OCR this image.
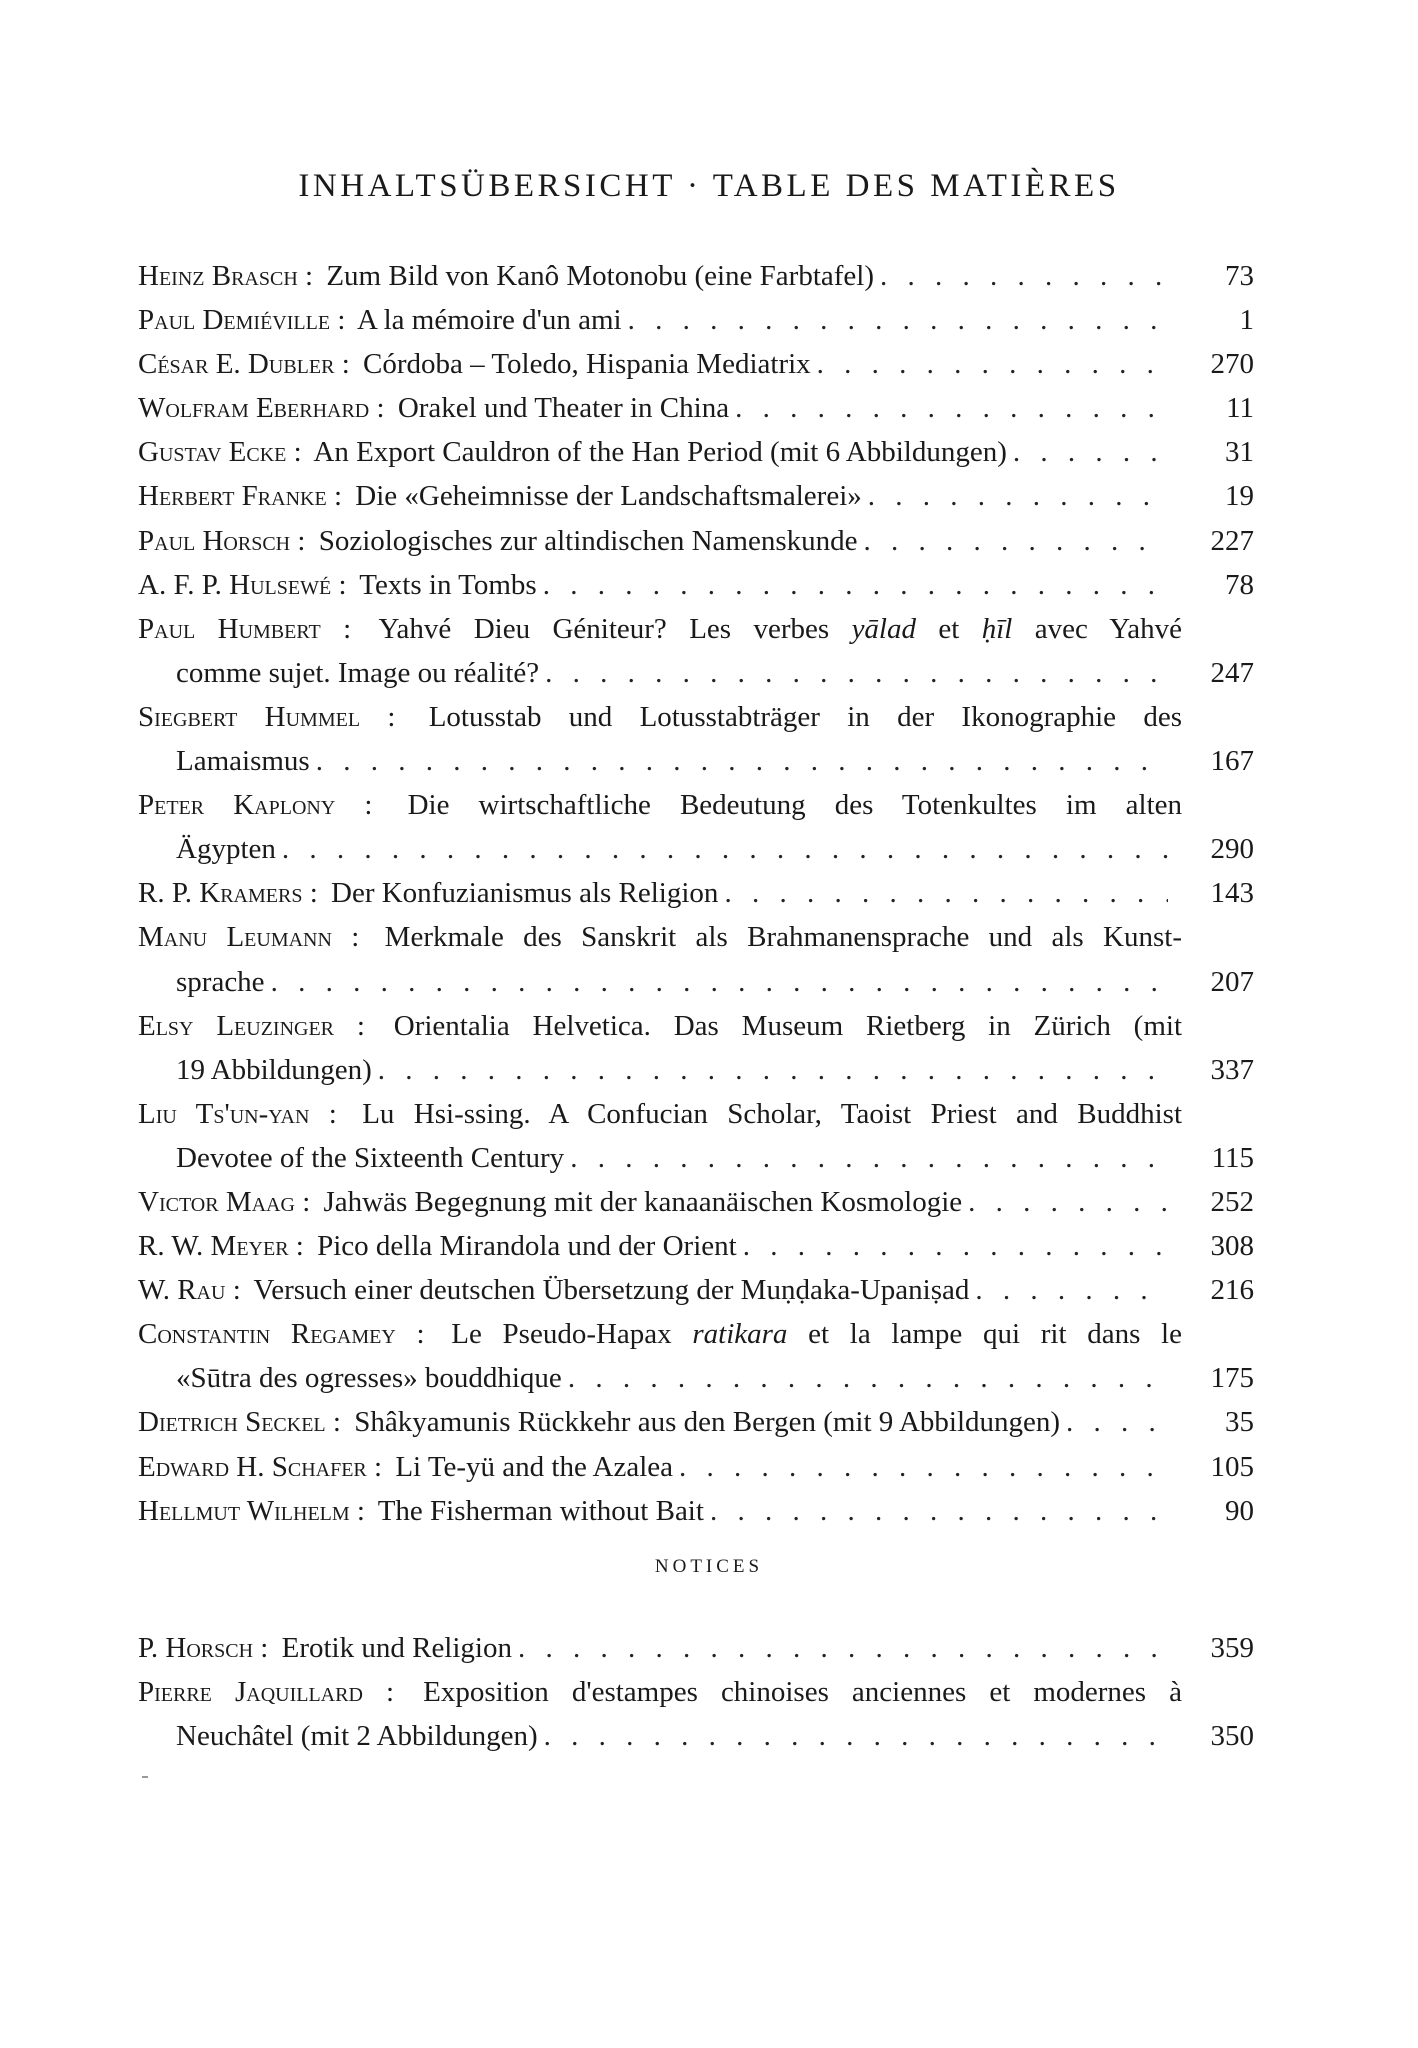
INHALTSÜBERSICHT · TABLE DES MATIÈRES
Heinz Brasch : Zum Bild von Kanô Motonobu (eine Farbtafel) . . .	73
Paul Demiéville : A la mémoire d'un ami . . .	1
César E. Dubler : Córdoba – Toledo, Hispania Mediatrix . . .	270
Wolfram Eberhard : Orakel und Theater in China . . .	11
Gustav Ecke : An Export Cauldron of the Han Period (mit 6 Abbildungen) . . .	31
Herbert Franke : Die «Geheimnisse der Landschaftsmalerei» . . .	19
Paul Horsch : Soziologisches zur altindischen Namenskunde . . .	227
A. F. P. Hulsewé : Texts in Tombs . . .	78
Paul Humbert : Yahvé Dieu Géniteur? Les verbes yālad et ḥīl avec Yahvé
comme sujet. Image ou réalité? . . .	247
Siegbert Hummel : Lotusstab und Lotusstabträger in der Ikonographie des
Lamaismus . . .	167
Peter Kaplony : Die wirtschaftliche Bedeutung des Totenkultes im alten
Ägypten . . .	290
R. P. Kramers : Der Konfuzianismus als Religion . . .	143
Manu Leumann : Merkmale des Sanskrit als Brahmanensprache und als Kunst-
sprache . . .	207
Elsy Leuzinger : Orientalia Helvetica. Das Museum Rietberg in Zürich (mit
19 Abbildungen) . . .	337
Liu Ts'un-yan : Lu Hsi-ssing. A Confucian Scholar, Taoist Priest and Buddhist
Devotee of the Sixteenth Century . . .	115
Victor Maag : Jahwäs Begegnung mit der kanaanäischen Kosmologie . . .	252
R. W. Meyer : Pico della Mirandola und der Orient . . .	308
W. Rau : Versuch einer deutschen Übersetzung der Muṇḍaka-Upaniṣad . . .	216
Constantin Regamey : Le Pseudo-Hapax ratikara et la lampe qui rit dans le
«Sūtra des ogresses» bouddhique . . .	175
Dietrich Seckel : Shâkyamunis Rückkehr aus den Bergen (mit 9 Abbildungen) . . .	35
Edward H. Schafer : Li Te-yü and the Azalea . . .	105
Hellmut Wilhelm : The Fisherman without Bait . . .	90
NOTICES
P. Horsch : Erotik und Religion . . .	359
Pierre Jaquillard : Exposition d'estampes chinoises anciennes et modernes à
Neuchâtel (mit 2 Abbildungen) . . .	350
